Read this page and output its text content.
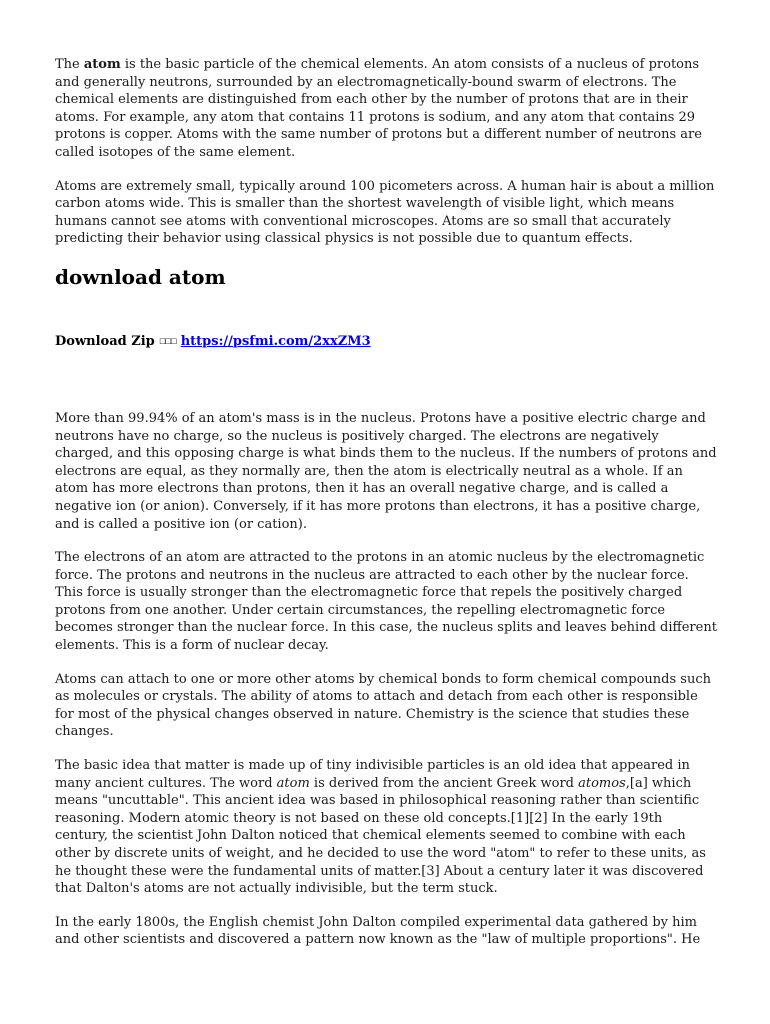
The atom is the basic particle of the chemical elements. An atom consists of a nucleus of protons and generally neutrons, surrounded by an electromagnetically-bound swarm of electrons. The chemical elements are distinguished from each other by the number of protons that are in their atoms. For example, any atom that contains 11 protons is sodium, and any atom that contains 29 protons is copper. Atoms with the same number of protons but a different number of neutrons are called isotopes of the same element.

Atoms are extremely small, typically around 100 picometers across. A human hair is about a million carbon atoms wide. This is smaller than the shortest wavelength of visible light, which means humans cannot see atoms with conventional microscopes. Atoms are so small that accurately predicting their behavior using classical physics is not possible due to quantum effects.

download atom
Download Zip ☐☐☐ https://psfmi.com/2xxZM3

More than 99.94% of an atom's mass is in the nucleus. Protons have a positive electric charge and neutrons have no charge, so the nucleus is positively charged. The electrons are negatively charged, and this opposing charge is what binds them to the nucleus. If the numbers of protons and electrons are equal, as they normally are, then the atom is electrically neutral as a whole. If an atom has more electrons than protons, then it has an overall negative charge, and is called a negative ion (or anion). Conversely, if it has more protons than electrons, it has a positive charge, and is called a positive ion (or cation).

The electrons of an atom are attracted to the protons in an atomic nucleus by the electromagnetic force. The protons and neutrons in the nucleus are attracted to each other by the nuclear force. This force is usually stronger than the electromagnetic force that repels the positively charged protons from one another. Under certain circumstances, the repelling electromagnetic force becomes stronger than the nuclear force. In this case, the nucleus splits and leaves behind different elements. This is a form of nuclear decay.

Atoms can attach to one or more other atoms by chemical bonds to form chemical compounds such as molecules or crystals. The ability of atoms to attach and detach from each other is responsible for most of the physical changes observed in nature. Chemistry is the science that studies these changes.

The basic idea that matter is made up of tiny indivisible particles is an old idea that appeared in many ancient cultures. The word atom is derived from the ancient Greek word atomos,[a] which means "uncuttable". This ancient idea was based in philosophical reasoning rather than scientific reasoning. Modern atomic theory is not based on these old concepts.[1][2] In the early 19th century, the scientist John Dalton noticed that chemical elements seemed to combine with each other by discrete units of weight, and he decided to use the word "atom" to refer to these units, as he thought these were the fundamental units of matter.[3] About a century later it was discovered that Dalton's atoms are not actually indivisible, but the term stuck.

In the early 1800s, the English chemist John Dalton compiled experimental data gathered by him and other scientists and discovered a pattern now known as the "law of multiple proportions". He
